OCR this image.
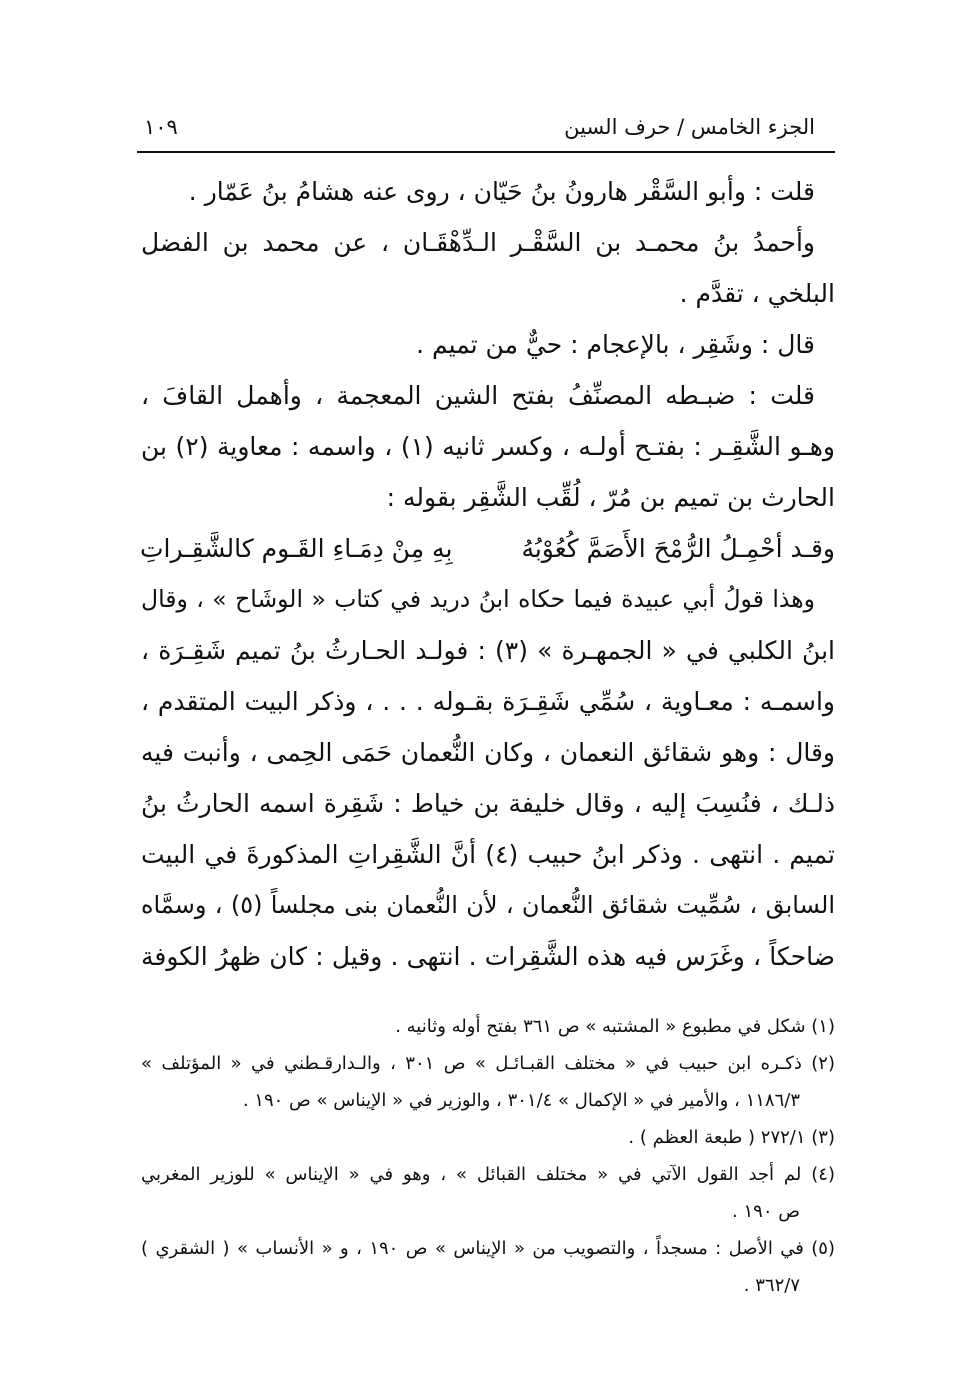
الجزء الخامس / حرف السين
١٠٩
قلت : وأبو السَّقْر هارونُ بنُ حَيّان ، روى عنه هشامُ بنُ عَمّار .
وأحمدُ بنُ محمـد بن السَّقْـر الـدِّهْقَـان ، عن محمد بن الفضل
البلخي ، تقدَّم .
قال : وشَقِر ، بالإعجام : حيٌّ من تميم .
قلت : ضبـطه المصنِّفُ بفتح الشين المعجمة ، وأهمل القافَ ،
وهـو الشَّقِـر : بفتـح أولـه ، وكسر ثانيه (١) ، واسمه : معاوية (٢) بن
الحارث بن تميم بن مُرّ ، لُقِّب الشَّقِر بقوله :
وقـد أحْمِـلُ الرُّمْحَ الأَصَمَّ كُعُوْبُهُ
بِهِ مِنْ دِمَـاءِ القَـوم كالشَّقِـراتِ
وهذا قولُ أبي عبيدة فيما حكاه ابنُ دريد في كتاب « الوشَاح » ، وقال
ابنُ الكلبي في « الجمهـرة » (٣) : فولـد الحـارثُ بنُ تميم شَقِـرَة ،
واسمـه : معـاوية ، سُمِّي شَقِـرَة بقـوله . . . ، وذكر البيت المتقدم ،
وقال : وهو شقائق النعمان ، وكان النُّعمان حَمَى الحِمى ، وأنبت فيه
ذلـك ، فنُسِبَ إليه ، وقال خليفة بن خياط : شَقِرة اسمه الحارثُ بنُ
تميم . انتهى . وذكر ابنُ حبيب (٤) أنَّ الشَّقِراتِ المذكورةَ في البيت
السابق ، سُمِّيت شقائق النُّعمان ، لأن النُّعمان بنى مجلساً (٥) ، وسمَّاه
ضاحكاً ، وغَرَس فيه هذه الشَّقِرات . انتهى . وقيل : كان ظهرُ الكوفة
(١) شكل في مطبوع « المشتبه » ص ٣٦١ بفتح أوله وثانيه .
(٢) ذكـره ابن حبيب في « مختلف القبـائـل » ص ٣٠١ ، والـدارقـطني في « المؤتلف »
١١٨٦/٣ ، والأمير في « الإكمال » ٣٠١/٤ ، والوزير في « الإيناس » ص ١٩٠ .
(٣) ٢٧٢/١ ( طبعة العظم ) .
(٤) لم أجد القول الآتي في « مختلف القبائل » ، وهو في « الإيناس » للوزير المغربي
ص ١٩٠ .
(٥) في الأصل : مسجداً ، والتصويب من « الإيناس » ص ١٩٠ ، و « الأنساب » ( الشقري )
٣٦٢/٧ .
